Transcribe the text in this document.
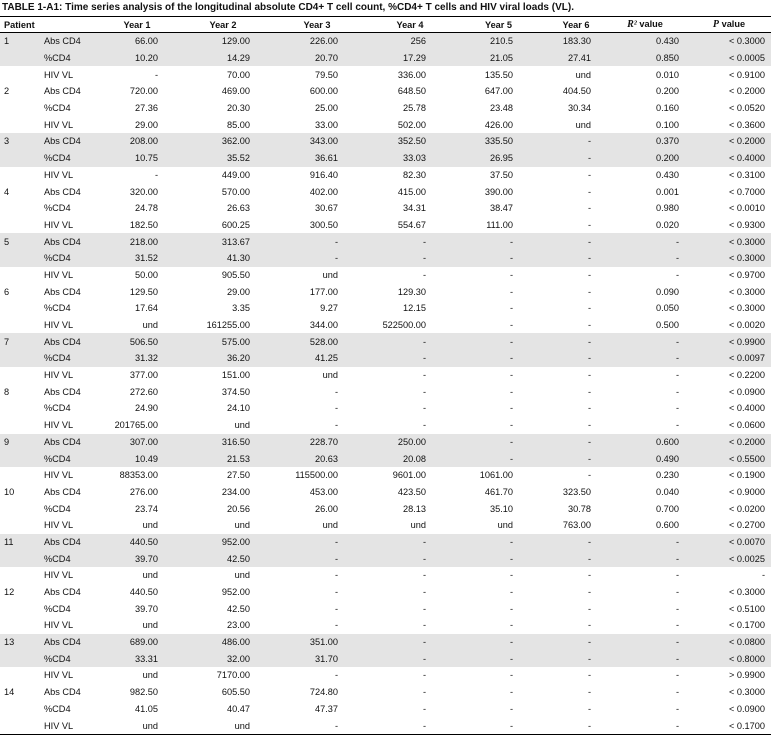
TABLE 1-A1: Time series analysis of the longitudinal absolute CD4+ T cell count, %CD4+ T cells and HIV viral loads (VL).
Patient		Year 1	Year 2	Year 3	Year 4	Year 5	Year 6	R² value	P value
1	Abs CD4	66.00	129.00	226.00	256	210.5	183.30	0.430	< 0.3000
	%CD4	10.20	14.29	20.70	17.29	21.05	27.41	0.850	< 0.0005
	HIV VL	-	70.00	79.50	336.00	135.50	und	0.010	< 0.9100
2	Abs CD4	720.00	469.00	600.00	648.50	647.00	404.50	0.200	< 0.2000
	%CD4	27.36	20.30	25.00	25.78	23.48	30.34	0.160	< 0.0520
	HIV VL	29.00	85.00	33.00	502.00	426.00	und	0.100	< 0.3600
3	Abs CD4	208.00	362.00	343.00	352.50	335.50	-	0.370	< 0.2000
	%CD4	10.75	35.52	36.61	33.03	26.95	-	0.200	< 0.4000
	HIV VL	-	449.00	916.40	82.30	37.50	-	0.430	< 0.3100
4	Abs CD4	320.00	570.00	402.00	415.00	390.00	-	0.001	< 0.7000
	%CD4	24.78	26.63	30.67	34.31	38.47	-	0.980	< 0.0010
	HIV VL	182.50	600.25	300.50	554.67	111.00	-	0.020	< 0.9300
5	Abs CD4	218.00	313.67	-	-	-	-	-	< 0.3000
	%CD4	31.52	41.30	-	-	-	-	-	< 0.3000
	HIV VL	50.00	905.50	und	-	-	-	-	< 0.9700
6	Abs CD4	129.50	29.00	177.00	129.30	-	-	0.090	< 0.3000
	%CD4	17.64	3.35	9.27	12.15	-	-	0.050	< 0.3000
	HIV VL	und	161255.00	344.00	522500.00	-	-	0.500	< 0.0020
7	Abs CD4	506.50	575.00	528.00	-	-	-	-	< 0.9900
	%CD4	31.32	36.20	41.25	-	-	-	-	< 0.0097
	HIV VL	377.00	151.00	und	-	-	-	-	< 0.2200
8	Abs CD4	272.60	374.50	-	-	-	-	-	< 0.0900
	%CD4	24.90	24.10	-	-	-	-	-	< 0.4000
	HIV VL	201765.00	und	-	-	-	-	-	< 0.0600
9	Abs CD4	307.00	316.50	228.70	250.00	-	-	0.600	< 0.2000
	%CD4	10.49	21.53	20.63	20.08	-	-	0.490	< 0.5500
	HIV VL	88353.00	27.50	115500.00	9601.00	1061.00	-	0.230	< 0.1900
10	Abs CD4	276.00	234.00	453.00	423.50	461.70	323.50	0.040	< 0.9000
	%CD4	23.74	20.56	26.00	28.13	35.10	30.78	0.700	< 0.0200
	HIV VL	und	und	und	und	und	763.00	0.600	< 0.2700
11	Abs CD4	440.50	952.00	-	-	-	-	-	< 0.0070
	%CD4	39.70	42.50	-	-	-	-	-	< 0.0025
	HIV VL	und	und	-	-	-	-	-	-
12	Abs CD4	440.50	952.00	-	-	-	-	-	< 0.3000
	%CD4	39.70	42.50	-	-	-	-	-	< 0.5100
	HIV VL	und	23.00	-	-	-	-	-	< 0.1700
13	Abs CD4	689.00	486.00	351.00	-	-	-	-	< 0.0800
	%CD4	33.31	32.00	31.70	-	-	-	-	< 0.8000
	HIV VL	und	7170.00	-	-	-	-	-	> 0.9900
14	Abs CD4	982.50	605.50	724.80	-	-	-	-	< 0.3000
	%CD4	41.05	40.47	47.37	-	-	-	-	< 0.0900
	HIV VL	und	und	-	-	-	-	-	< 0.1700
